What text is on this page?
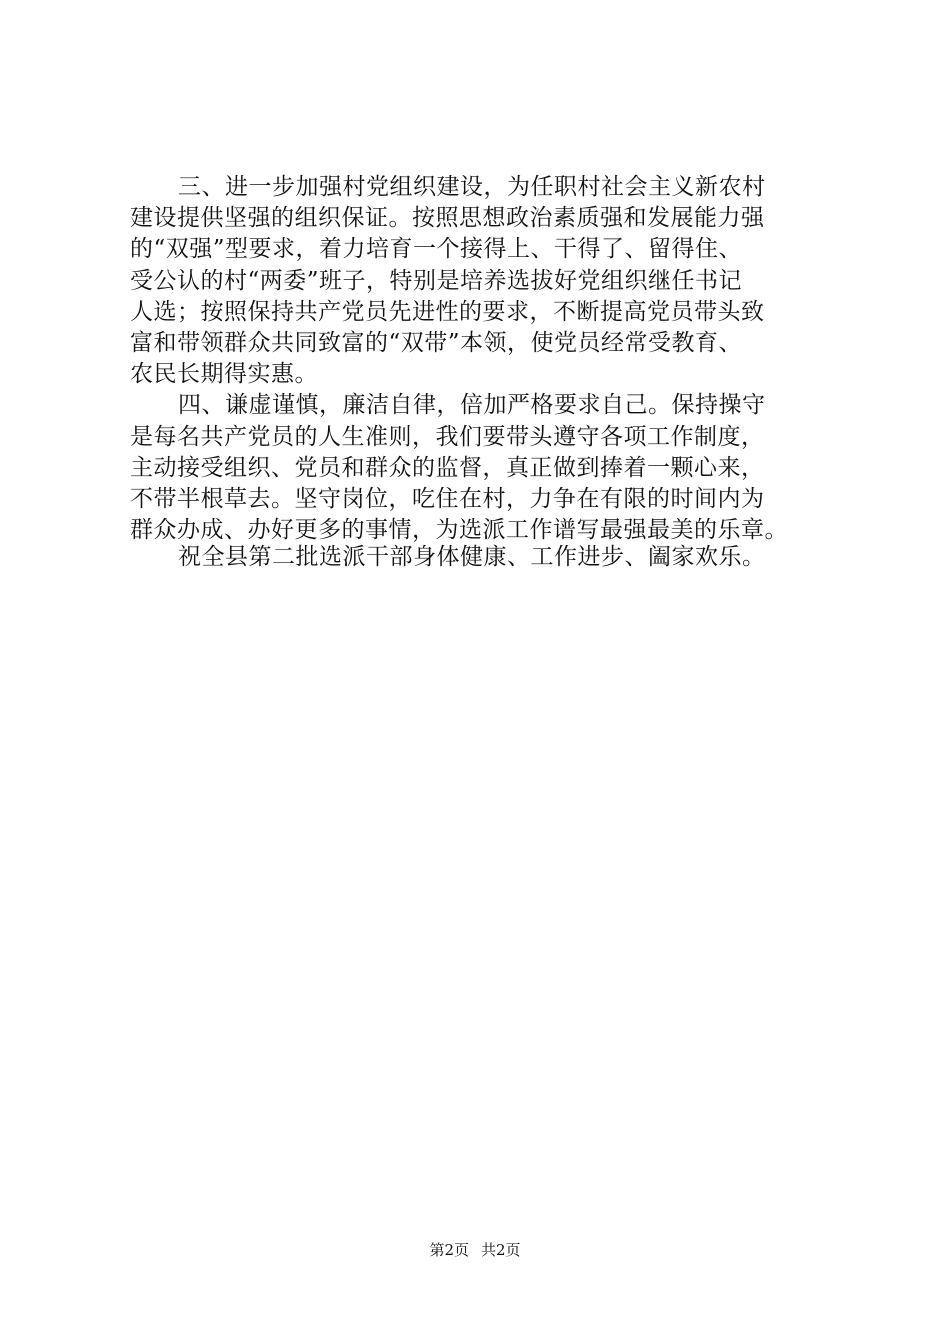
三、进一步加强村党组织建设，为任职村社会主义新农村
建设提供坚强的组织保证。按照思想政治素质强和发展能力强
的“双强”型要求，着力培育一个接得上、干得了、留得住、
受公认的村“两委”班子，特别是培养选拔好党组织继任书记
人选；按照保持共产党员先进性的要求，不断提高党员带头致
富和带领群众共同致富的“双带”本领，使党员经常受教育、
农民长期得实惠。
四、谦虚谨慎，廉洁自律，倍加严格要求自己。保持操守
是每名共产党员的人生准则，我们要带头遵守各项工作制度，
主动接受组织、党员和群众的监督，真正做到捧着一颗心来，
不带半根草去。坚守岗位，吃住在村，力争在有限的时间内为
群众办成、办好更多的事情，为选派工作谱写最强最美的乐章。
祝全县第二批选派干部身体健康、工作进步、阖家欢乐。
第2页 共2页
